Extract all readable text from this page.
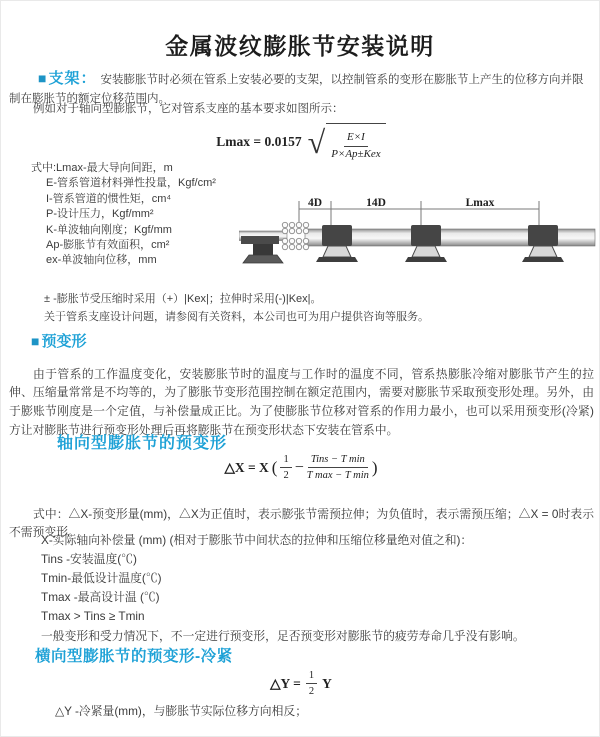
金属波纹膨胀节安装说明

■ 支架： 安装膨胀节时必须在管系上安装必要的支架，以控制管系的变形在膨胀节上产生的位移方向并限制在膨胀节的额定位移范围内。

例如对于轴向型膨胀节，它对管系支座的基本要求如图所示：
Lmax = 0.0157 √ $\frac{E\times I}{\text{P×Ap±Kex}}$
式中:Lmax-最大导向间距，m
E-管系管道材料弹性投量，Kgf/cm²
I-管系管道的惯性矩，cm⁴
P-设计压力，Kgf/mm²
K-单波轴向刚度；Kgf/mm
Ap-膨胀节有效面积，cm²
ex-单波轴向位移，mm
± -膨胀节受压缩时采用（+）|Kex|；拉伸时采用(-)|Kex|。
关于管系支座设计问题，请参阅有关资料，本公司也可为用户提供咨询等服务。
4D	14D	Lmax
■ 预变形

由于管系的工作温度变化，安装膨胀节时的温度与工作时的温度不同，管系热膨胀冷缩对膨胀节产生的拉伸、压缩量常常是不均等的，为了膨胀节变形范围控制在额定范围内，需要对膨胀节采取预变形处理。另外，由于膨账节刚度是一个定值，与补偿量成正比。为了使膨胀节位移对管系的作用力最小，也可以采用预变形(冷紧)方让对膨胀节进行预变形处理后再将膨胀节在预变形状态下安装在管系中。

轴向型膨胀节的预变形
△X = X ( $\frac{1}{2} - \frac{\text{Tins − T min}}{\text{T max − T min}}$ )

式中：△X-预变形量(mm)，△X为正值时，表示膨张节需预拉伸；为负值时，表示需预压缩；△X = 0时表示不需预变形。

X-实际轴向补偿量 (mm) (相对于膨胀节中间状态的拉伸和压缩位移量绝对值之和)：
Tins -安装温度(℃)
Tmin-最低设计温度(℃)
Tmax -最高设计温 (℃)
Tmax > Tins ≥ Tmin
一般变形和受力情况下，不一定进行预变形，足否预变形对膨胀节的疲劳寿命几乎没有影响。
横向型膨胀节的预变形-冷紧
△Y = $\frac{1}{2}$ Y
△Y -冷紧量(mm)，与膨胀节实际位移方向相反；
